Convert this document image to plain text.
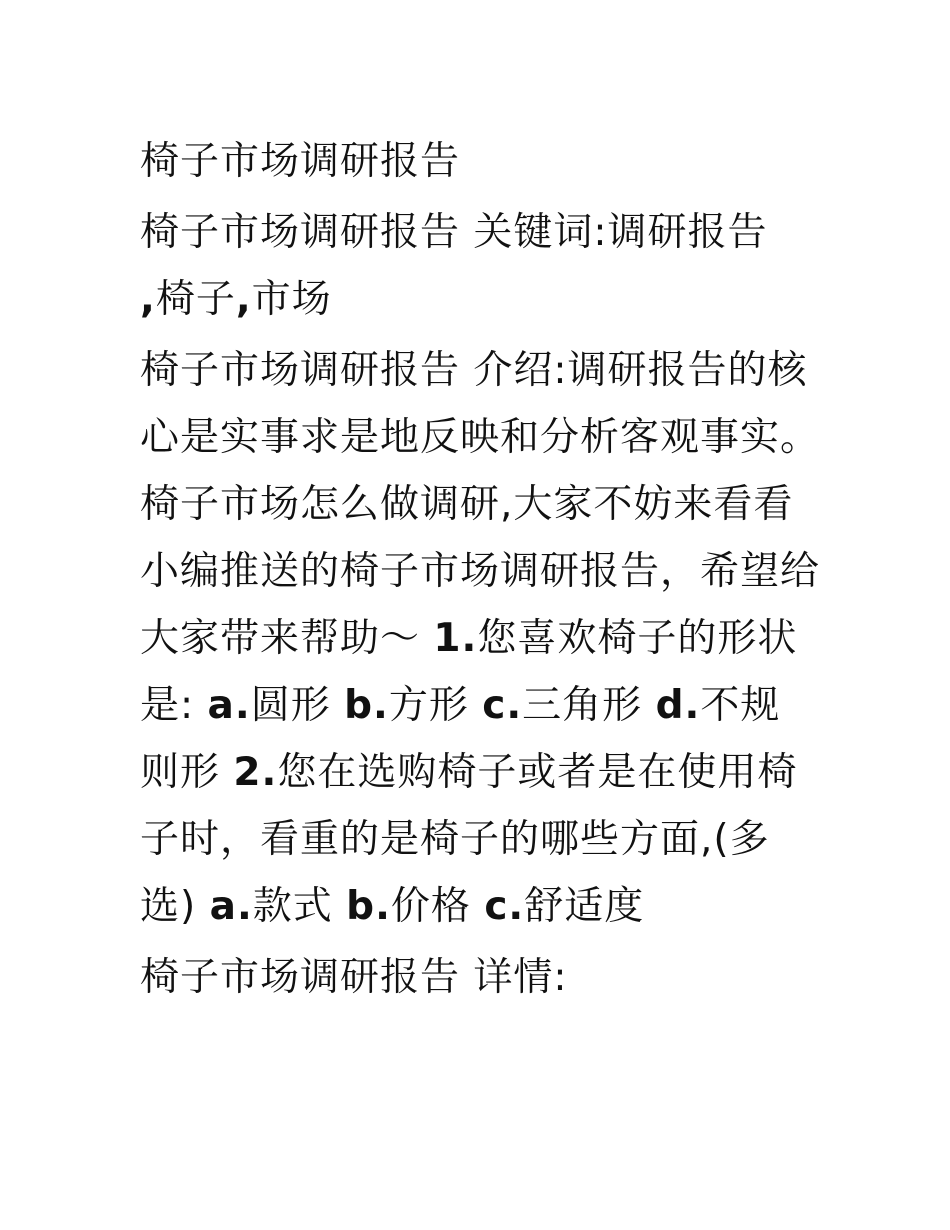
椅子市场调研报告

椅子市场调研报告 关键词:调研报告
,椅子,市场

椅子市场调研报告 介绍:调研报告的核心是实事求是地反映和分析客观事实。椅子市场怎么做调研,大家不妨来看看小编推送的椅子市场调研报告，希望给大家带来帮助～ 1.您喜欢椅子的形状是: a.圆形 b.方形 c.三角形 d.不规则形 2.您在选购椅子或者是在使用椅子时，看重的是椅子的哪些方面,(多选) a.款式 b.价格 c.舒适度

椅子市场调研报告 详情:
